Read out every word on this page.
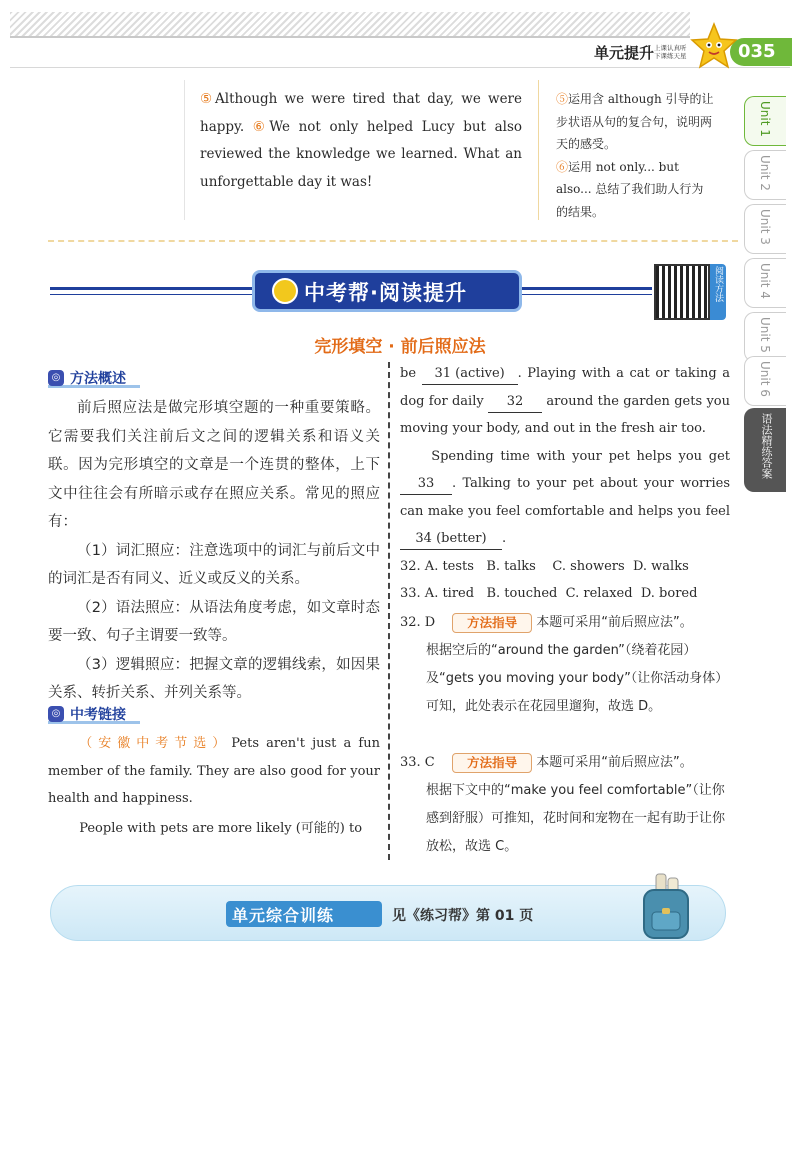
单元提升 上课认真听
下课练天星	035
Unit 1
Unit 2
Unit 3
Unit 4
Unit 5
Unit 6
语法精练答案
⑤Although we were tired that day, we were happy. ⑥We not only helped Lucy but also reviewed the knowledge we learned. What an unforgettable day it was!
⑤运用含 although 引导的让步状语从句的复合句，说明两天的感受。
⑥运用 not only... but also... 总结了我们助人行为的结果。
中考帮·阅读提升	阅读方法
完形填空 · 前后照应法
◎ 方法概述

前后照应法是做完形填空题的一种重要策略。它需要我们关注前后文之间的逻辑关系和语义关联。因为完形填空的文章是一个连贯的整体，上下文中往往会有所暗示或存在照应关系。常见的照应有：

（1）词汇照应：注意选项中的词汇与前后文中的词汇是否有同义、近义或反义的关系。

（2）语法照应：从语法角度考虑，如文章时态要一致、句子主谓要一致等。

（3）逻辑照应：把握文章的逻辑线索，如因果关系、转折关系、并列关系等。

◎ 中考链接
（安徽中考节选）Pets aren't just a fun member of the family. They are also good for your health and happiness.
People with pets are more likely (可能的) to
be 31 (active) . Playing with a cat or taking a dog for daily 32 around the garden gets you moving your body, and out in the fresh air too.
Spending time with your pet helps you get 33 . Talking to your pet about your worries can make you feel comfortable and helps you feel 34 (better) .
32. A. tests   B. talks    C. showers  D. walks
33. A. tired   B. touched  C. relaxed  D. bored
32. D	方法指导 本题可采用“前后照应法”。
根据空后的“around the garden”（绕着花园）及“gets you moving your body”（让你活动身体）可知，此处表示在花园里遛狗，故选 D。
33. C	方法指导 本题可采用“前后照应法”。
根据下文中的“make you feel comfortable”（让你感到舒服）可推知，花时间和宠物在一起有助于让你放松，故选 C。
单元综合训练	见《练习帮》第 01 页
